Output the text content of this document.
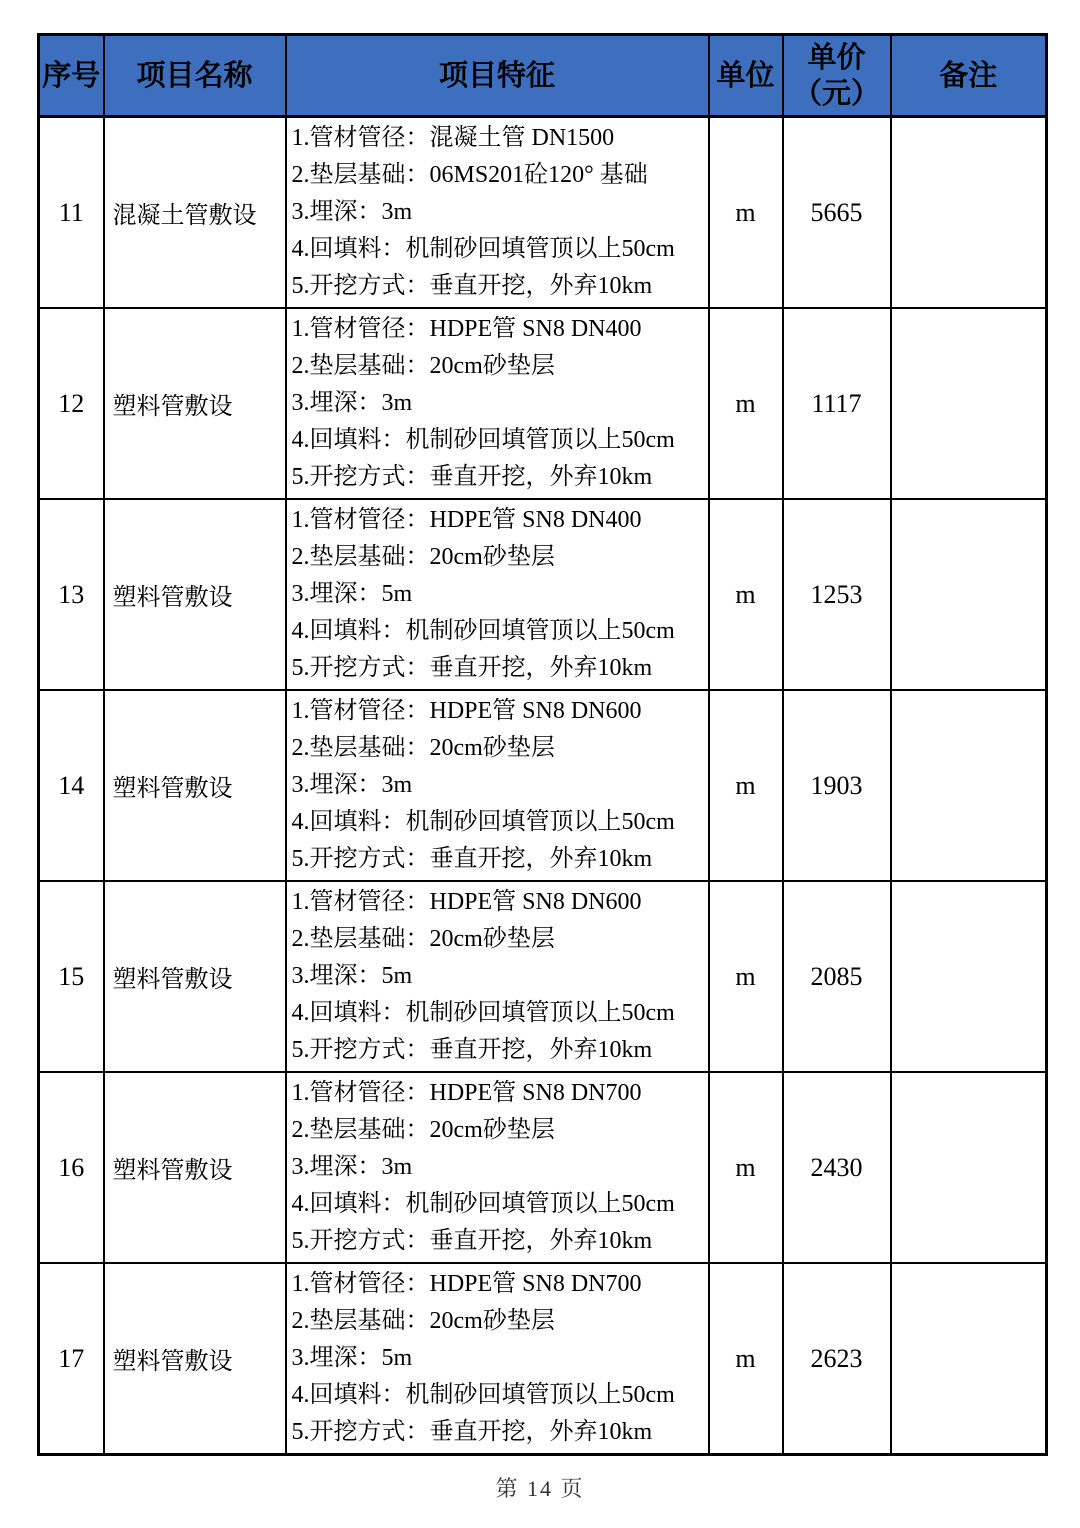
序号	项目名称	项目特征	单位	单价
（元）	备注
11	混凝土管敷设	1.管材管径：混凝土管 DN1500
2.垫层基础：06MS201砼120° 基础
3.埋深：3m
4.回填料：机制砂回填管顶以上50cm
5.开挖方式：垂直开挖，外弃10km	m	5665	
12	塑料管敷设	1.管材管径：HDPE管 SN8 DN400
2.垫层基础：20cm砂垫层
3.埋深：3m
4.回填料：机制砂回填管顶以上50cm
5.开挖方式：垂直开挖，外弃10km	m	1117	
13	塑料管敷设	1.管材管径：HDPE管 SN8 DN400
2.垫层基础：20cm砂垫层
3.埋深：5m
4.回填料：机制砂回填管顶以上50cm
5.开挖方式：垂直开挖，外弃10km	m	1253	
14	塑料管敷设	1.管材管径：HDPE管 SN8 DN600
2.垫层基础：20cm砂垫层
3.埋深：3m
4.回填料：机制砂回填管顶以上50cm
5.开挖方式：垂直开挖，外弃10km	m	1903	
15	塑料管敷设	1.管材管径：HDPE管 SN8 DN600
2.垫层基础：20cm砂垫层
3.埋深：5m
4.回填料：机制砂回填管顶以上50cm
5.开挖方式：垂直开挖，外弃10km	m	2085	
16	塑料管敷设	1.管材管径：HDPE管 SN8 DN700
2.垫层基础：20cm砂垫层
3.埋深：3m
4.回填料：机制砂回填管顶以上50cm
5.开挖方式：垂直开挖，外弃10km	m	2430	
17	塑料管敷设	1.管材管径：HDPE管 SN8 DN700
2.垫层基础：20cm砂垫层
3.埋深：5m
4.回填料：机制砂回填管顶以上50cm
5.开挖方式：垂直开挖，外弃10km	m	2623	
第 14 页
